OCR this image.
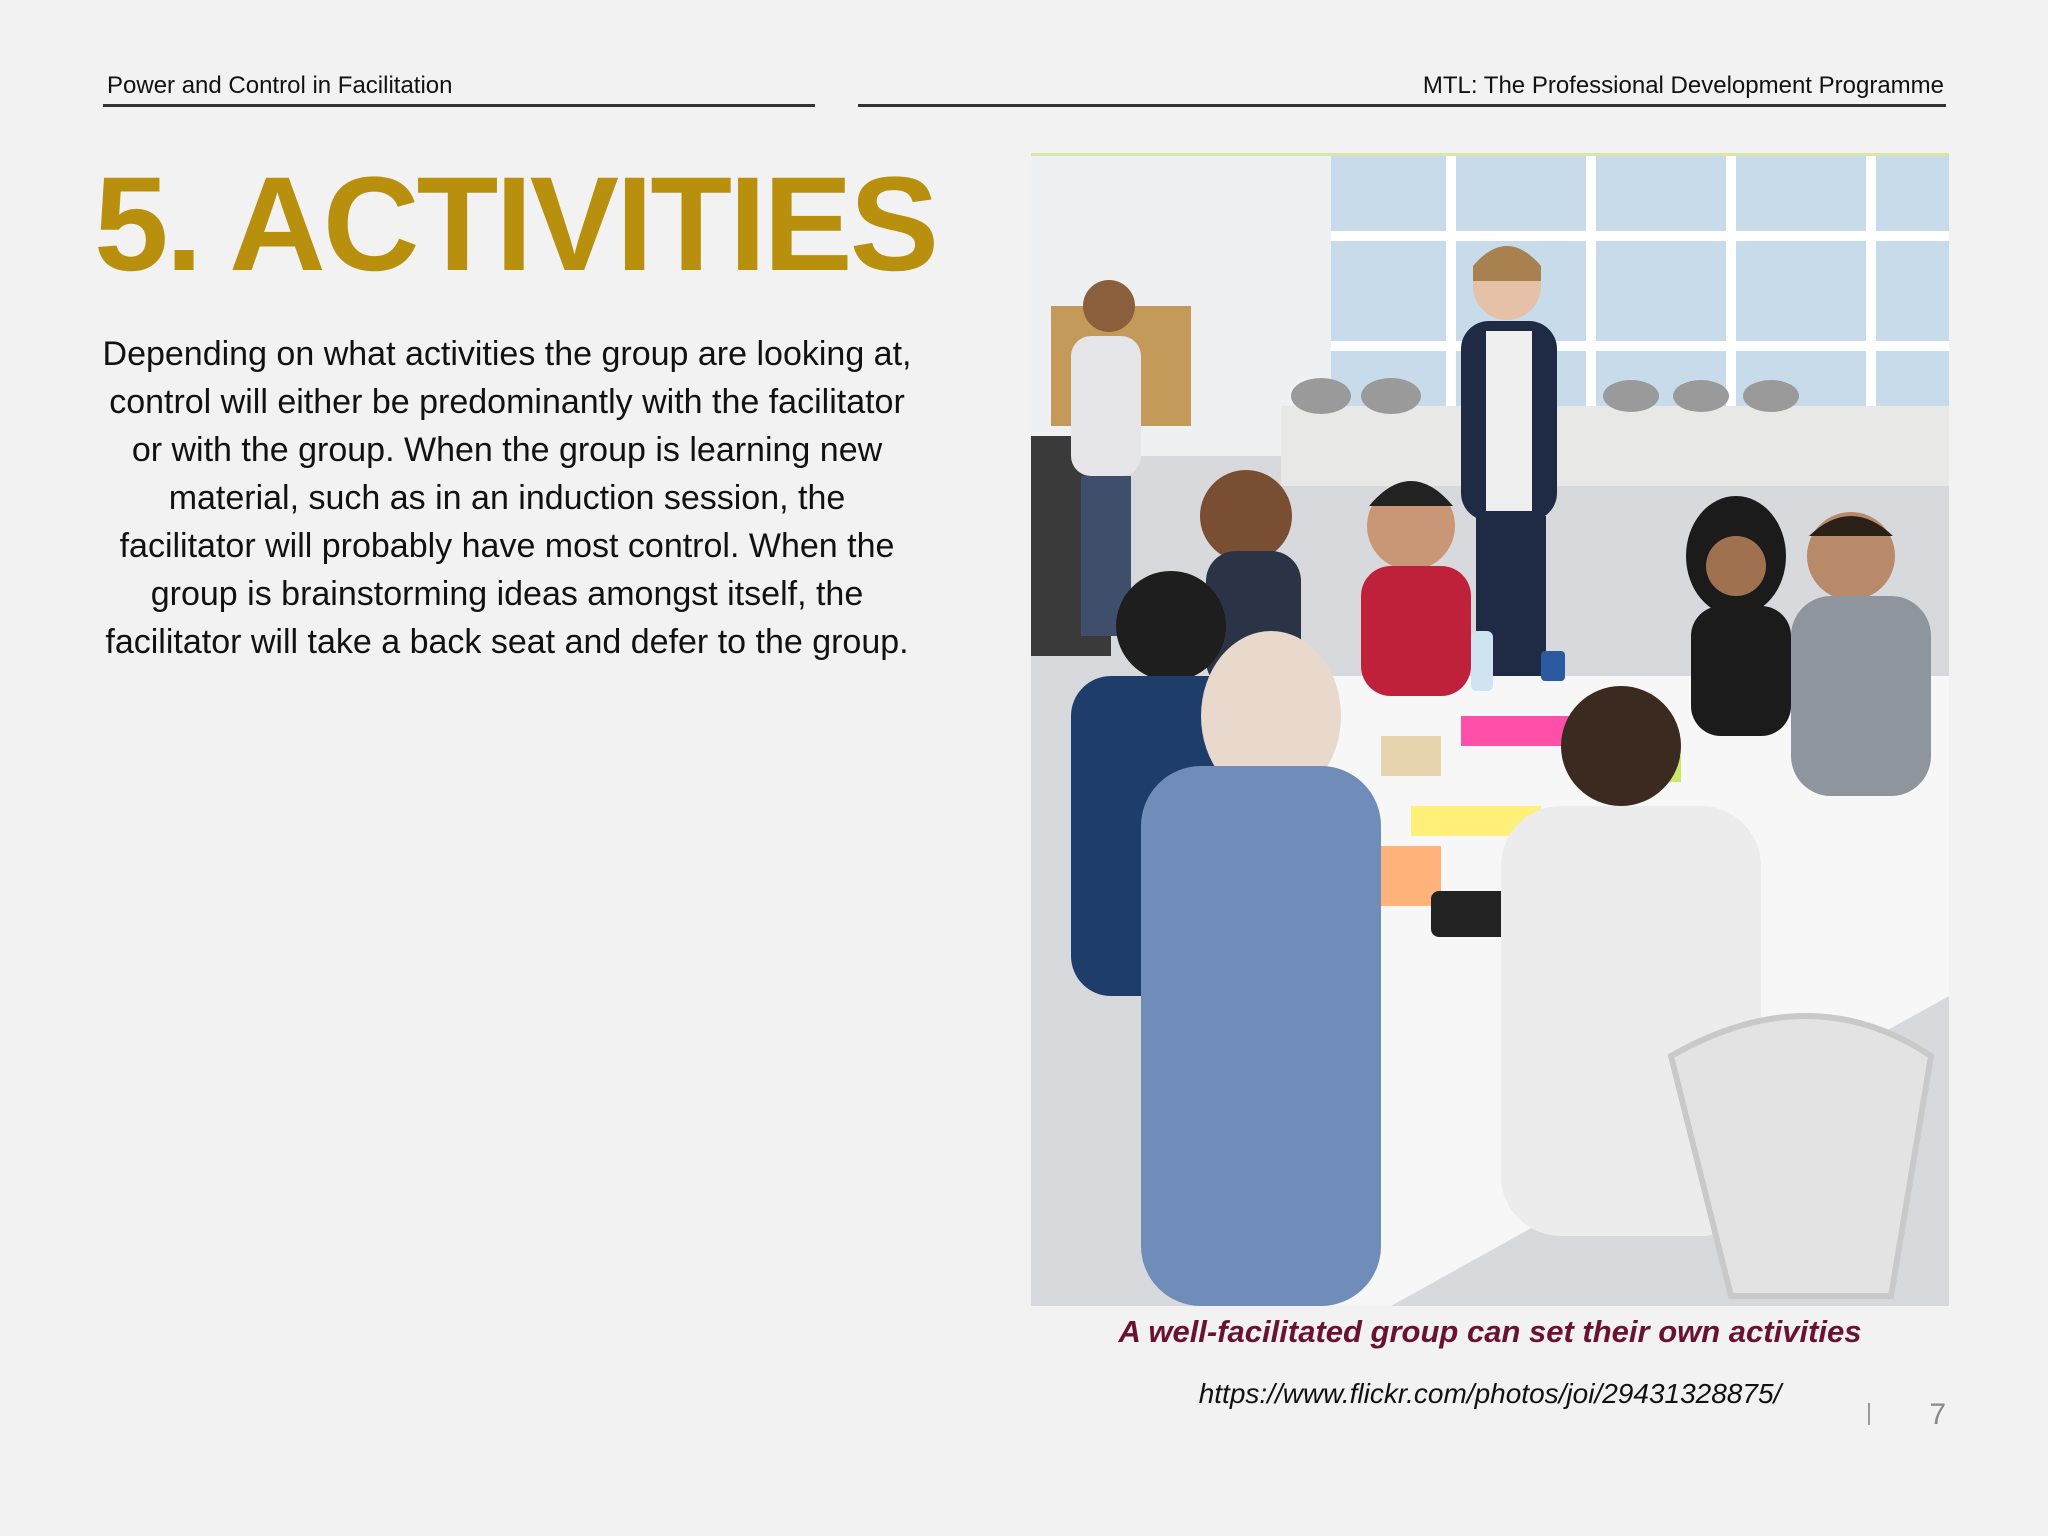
Power and Control in Facilitation	MTL: The Professional Development Programme
5. ACTIVITIES
Depending on what activities the group are looking at, control will either be predominantly with the facilitator or with the group. When the group is learning new material, such as in an induction session, the facilitator will probably have most control. When the group is brainstorming ideas amongst itself, the facilitator will take a back seat and defer to the group.
A well-facilitated group can set their own activities
https://www.flickr.com/photos/joi/29431328875/
7
